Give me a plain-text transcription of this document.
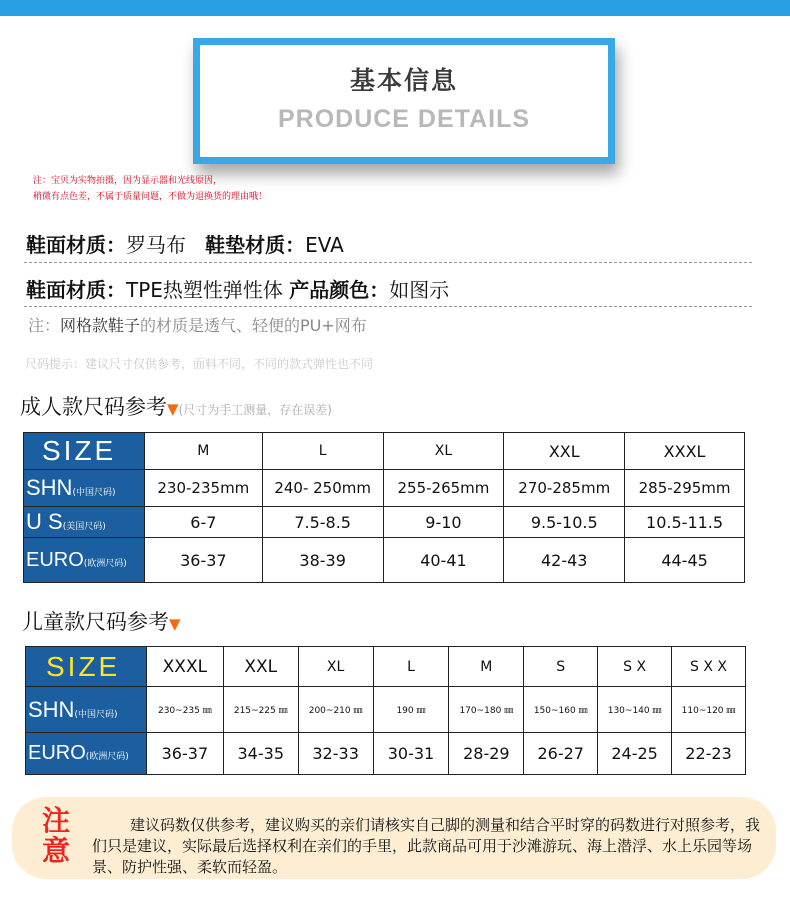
基本信息
PRODUCE DETAILS
注：宝贝为实物拍摄，因为显示器和光线原因，
稍微有点色差，不属于质量问题，不做为退换货的理由哦！
鞋面材质：罗马布 鞋垫材质：EVA
鞋面材质：TPE热塑性弹性体 产品颜色：如图示
注：网格款鞋子的材质是透气、轻便的PU+网布
尺码提示：建议尺寸仅供参考，面料不同，不同的款式弹性也不同
成人款尺码参考▼(尺寸为手工测量，存在误差)
SIZE	M	L	XL	XXL	XXXL
SHN(中国尺码)	230-235mm	240- 250mm	255-265mm	270-285mm	285-295mm
U S(美国尺码)	6-7	7.5-8.5	9-10	9.5-10.5	10.5-11.5
EURO(欧洲尺码)	36-37	38-39	40-41	42-43	44-45
儿童款尺码参考▼
SIZE	XXXL	XXL	XL	L	M	S	S X	S X X
SHN(中国尺码)	230~235 ㎜	215~225 ㎜	200~210 ㎜	190 ㎜	170~180 ㎜	150~160 ㎜	130~140 ㎜	110~120 ㎜
EURO(欧洲尺码)	36-37	34-35	32-33	30-31	28-29	26-27	24-25	22-23
注意
建议码数仅供参考，建议购买的亲们请核实自己脚的测量和结合平时穿的码数进行对照参考，我们只是建议，实际最后选择权利在亲们的手里，此款商品可用于沙滩游玩、海上潜浮、水上乐园等场景、防护性强、柔软而轻盈。
